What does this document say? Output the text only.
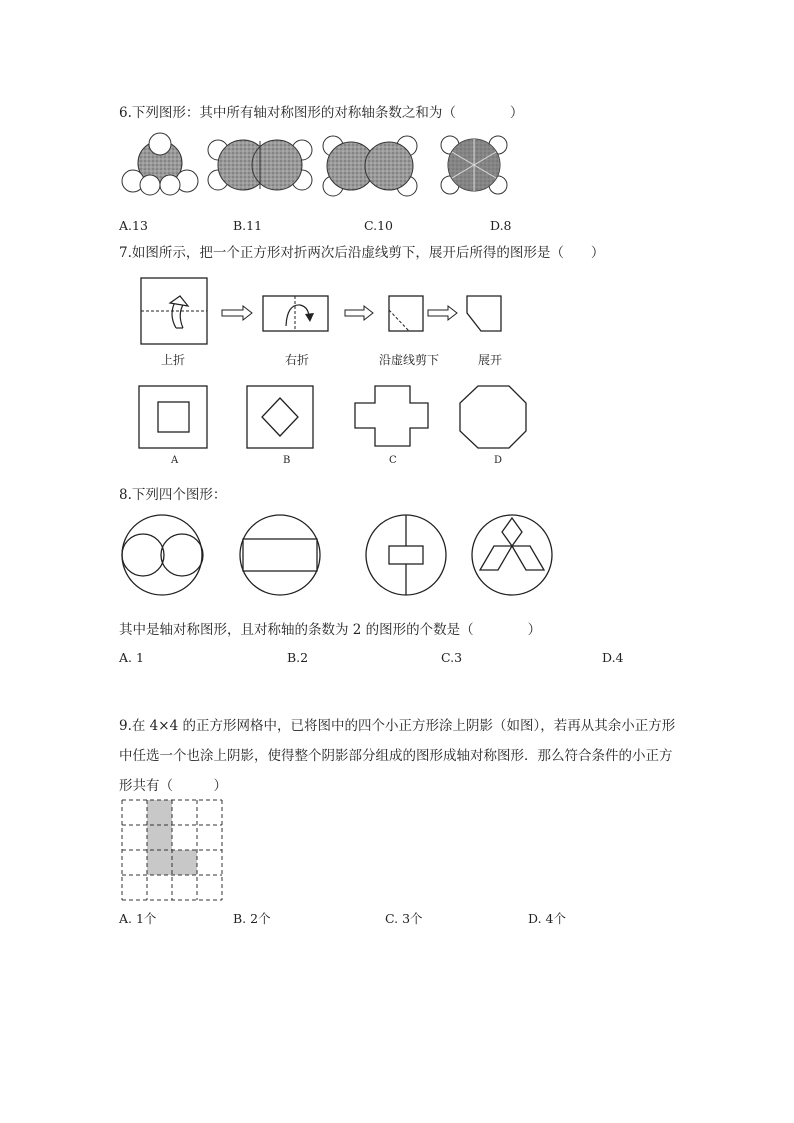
6.下列图形：其中所有轴对称图形的对称轴条数之和为（　　　　）
A.13	B.11	C.10	D.8
7.如图所示，把一个正方形对折两次后沿虚线剪下，展开后所得的图形是（　　）
上折	右折	沿虚线剪下	展开
A	B	C	D
8.下列四个图形：
其中是轴对称图形，且对称轴的条数为 2 的图形的个数是（　　　　）
A. 1	B.2	C.3	D.4
9.在 4×4 的正方形网格中，已将图中的四个小正方形涂上阴影（如图），若再从其余小正方形
中任选一个也涂上阴影，使得整个阴影部分组成的图形成轴对称图形．那么符合条件的小正方
形共有（　　　）
A. 1个	B. 2个	C. 3个	D. 4个
